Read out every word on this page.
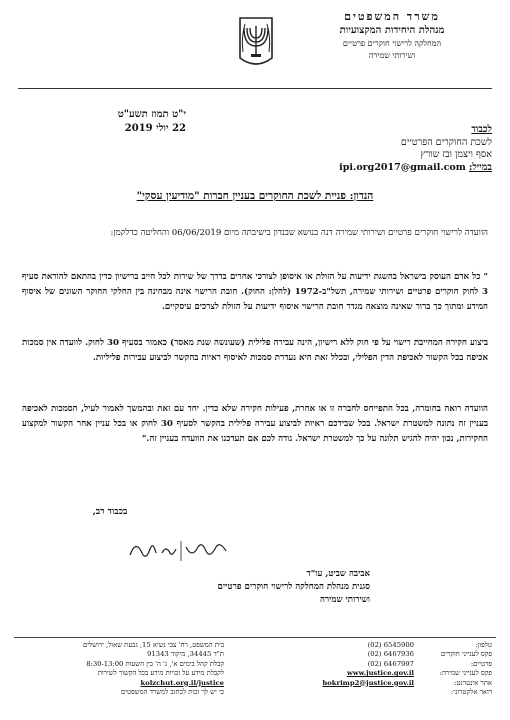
משרד המשפטים
מנהלת היחידות המקצועיות
המחלקה לרישוי חוקרים פרטיים
ושירותי שמירה
י"ט תמוז תשע"ט
22 יולי 2019	לכבוד
לשכת החוקרים הפרטיים
אסף ויצמן ובז שורץ
במייל: ipi.org2017@gmail.com
הנדון: פניית לשכת החוקרים בעניין חברות "מודיעין עסקי"
הוועדה לרישוי חוקרים פרטיים ושירותי שמירה דנה בנושא שבנדון בישיבתה מיום 06/06/2019 והחליטה כדלקמן:
" כל אדם העוסק בישראל בהשגת ידיעות על הזולת או איסופן לצורכי אחרים בדרך של שירות לכל חייב ברישיון כדין בהתאם להוראת סעיף 3 לחוק חוקרים פרטיים ושירותי שמירה, תשל"ב-1972 (להלן: החוק). חובת הרישוי אינה מבחינה בין החלקי החוקר השונים של איסוף המידע ומתוך כך ברור שאינה מוצאה מגדר חובת הרישוי איסוף ידיעות על הזולת לצרכים עיסקיים.
ביצוע חקירה המחייבת רישוי על פי חוק ללא רישיון, הינה עבירה פלילית (שעונשה שנת מאסר) כאמור בסעיף 30 לחוק. לוועדה אין סמכות אכיפה בכל הקשור לאכיפת הדין הפלילי, ובכלל זאת היא נעדרת סמכות לאיסוף ראיות בהקשר לביצוע עבירות פליליות.
הוועדה רואה בחומרה, בכל התפייחס לחברה זו או אחרת, פעילות חקירה שלא כדין. יחד עם זאת ובהמשך לאמור לעיל, הסמכות לאכיפה בעניין זה נתונה למשטרת ישראל. בכל שבידכם ראיות לביצוע עבירה פלילית בהקשר לסעיף 30 לחוק או בכל עניין אחר הקשור למקצוע החקירות, נכון יהיה להגיש תלונה על כך למשטרת ישראל. נודה לכם אם תעדכנו את הוועדה בעניין זה."
בכבוד רב,
אביבה שביט, עו"ד
סגנית מנהלת המחלקה לרישוי חוקרים פרטיים
ושירותי שמירה
טלפון:
פקס לענייני חוקרים פרטיים:
פקס לענייני שמירה:
אתר אינטרנט:
דואר אלקטרוני:
(02) 6545900
(02) 6467936
(02) 6467997
www.justice.gov.il
hokrimp2@justice.gov.il
בית המשפט, רח' צבי נשיא 15, גבעת שאול, ירושלים
ת"ד 34445, מיקוד 91343
קבלת קהל בימים א', ג' ה' בין השעות 8:30-13:00
לקבלת מידע על זכויות מידע בכל הקשור לשירות
kolzchut.org.il/justice
כי יש לך זכות לכתוב למשרד המשפטים
